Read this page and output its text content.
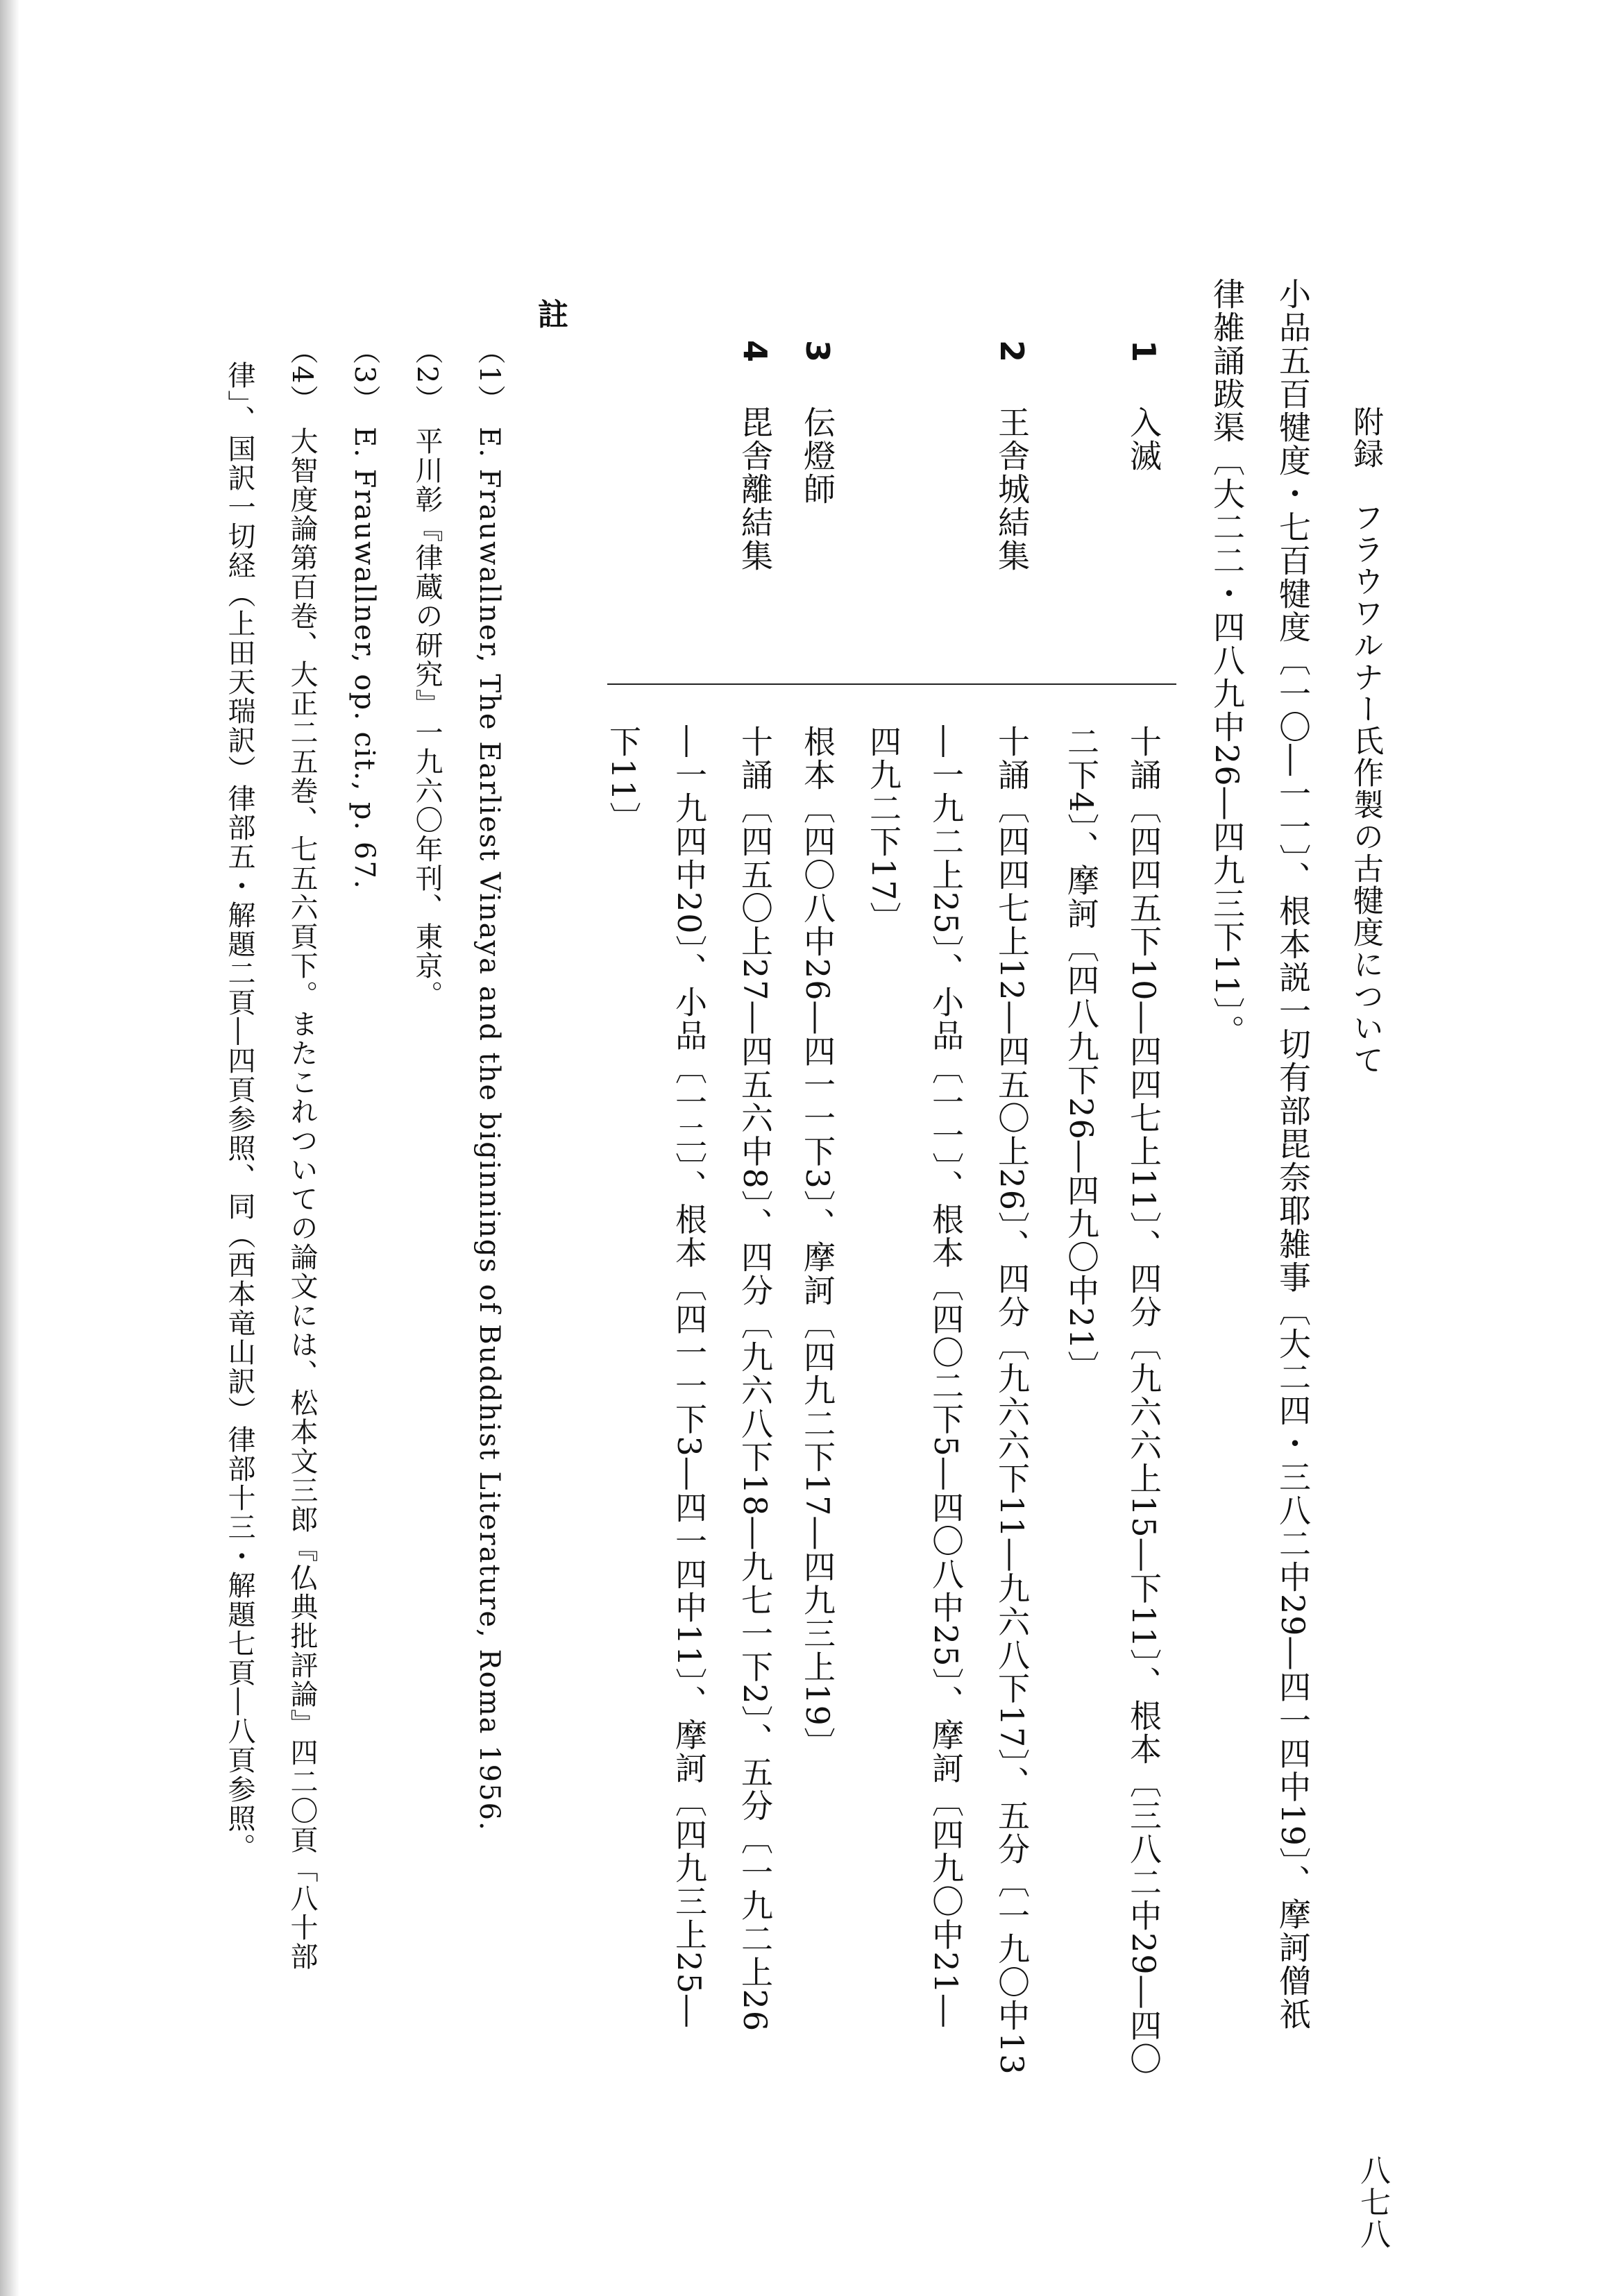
八七八
附録　フラウワルナー氏作製の古犍度について
小品五百犍度・七百犍度〔一〇―一一〕、根本説一切有部毘奈耶雑事〔大二四・三八二中29―四一四中19〕、摩訶僧祇
律雑誦跋渠〔大二二・四八九中26―四九三下11〕。
1
入滅
十誦〔四四五下10―四四七上11〕、四分〔九六六上15―下11〕、根本〔三八二中29―四〇
二下4〕、摩訶〔四八九下26―四九〇中21〕
2
王舎城結集
十誦〔四四七上12―四五〇上26〕、四分〔九六六下11―九六八下17〕、五分〔一九〇中13
―一九二上25〕、小品〔一一〕、根本〔四〇二下5―四〇八中25〕、摩訶〔四九〇中21―
四九二下17〕
3
伝燈師
根本〔四〇八中26―四一一下3〕、摩訶〔四九二下17―四九三上19〕
4
毘舎離結集
十誦〔四五〇上27―四五六中8〕、四分〔九六八下18―九七一下2〕、五分〔一九二上26
―一九四中20〕、小品〔一二〕、根本〔四一一下3―四一四中11〕、摩訶〔四九三上25―
下11〕
註
（1）
E. Frauwallner, The Earliest Vinaya and the biginnings of Buddhist Literature, Roma 1956.
（2）
平川彰『律蔵の研究』一九六〇年刊、東京。
（3）
E. Frauwallner, op. cit., p. 67.
（4）
大智度論第百巻、大正二五巻、七五六頁下。またこれついての論文には、松本文三郎『仏典批評論』四二〇頁「八十部
律」、国訳一切経（上田天瑞訳）律部五・解題二頁―四頁参照、同（西本竜山訳）律部十三・解題七頁―八頁参照。
